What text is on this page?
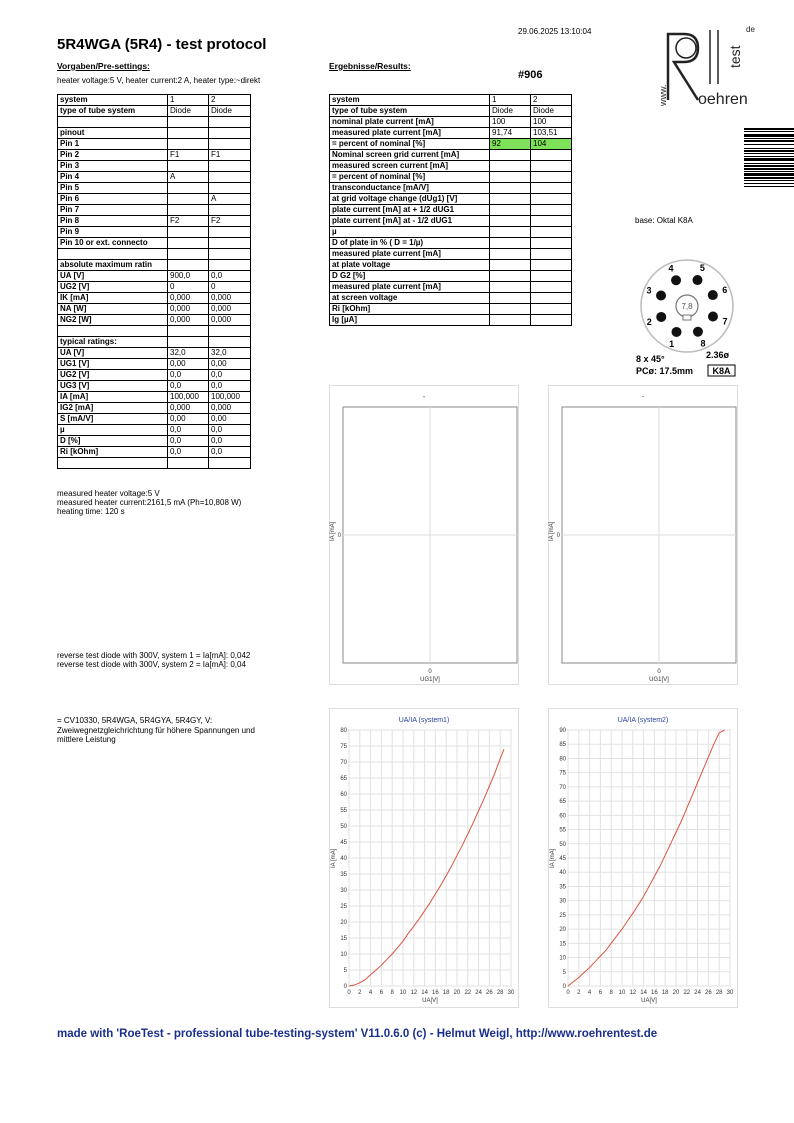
5R4WGA (5R4) - test protocol
29.06.2025 13:10:04
Vorgaben/Pre-settings:
heater voltage:5 V, heater current:2 A, heater type:~direkt
Ergebnisse/Results:
#906
system	1	2
type of tube system	Diode	Diode

pinout		
Pin 1		
Pin 2	F1	F1
Pin 3		
Pin 4	A	
Pin 5		
Pin 6		A
Pin 7		
Pin 8	F2	F2
Pin 9		
Pin 10 or ext. connecto		

absolute maximum ratin		
UA [V]	900,0	0,0
UG2 [V]	0	0
IK [mA]	0,000	0,000
NA [W]	0,000	0,000
NG2 [W]	0,000	0,000

typical ratings:		
UA [V]	32,0	32,0
UG1 [V]	0,00	0,00
UG2 [V]	0,0	0,0
UG3 [V]	0,0	0,0
IA [mA]	100,000	100,000
IG2 [mA]	0,000	0,000
S [mA/V]	0,00	0,00
µ	0,0	0,0
D [%]	0,0	0,0
Ri [kOhm]	0,0	0,0

system	1	2
type of tube system	Diode	Diode
nominal plate current [mA]	100	100
measured plate current [mA]	91,74	103,51
= percent of nominal [%]	92	104
Nominal screen grid current [mA]		
measured screen current [mA]		
= percent of nominal [%]		
transconductance [mA/V]		
at grid voltage change (dUg1) [V]		
plate current [mA] at + 1/2 dUG1		
plate current [mA] at - 1/2 dUG1		
µ		
D of plate in % ( D = 1/µ)		
measured plate current [mA]		
at plate voltage		
D G2 [%]		
measured plate current [mA]		
at screen voltage		
Ri [kOhm]		
Ig [µA]		
de
test
www. oehren
base: Oktal K8A
7,8
1
2
3
4	5
6
7
8
8 x 45°	2.36ø
PCø: 17.5mm K8A
-
IA [mA] 0
0
UG1[V]
-
IA [mA] 0
0
UG1[V]
measured heater voltage:5 V
measured heater current:2161,5 mA (Ph=10,808 W)
heating time: 120 s
reverse test diode with 300V, system 1 = Ia[mA]: 0,042
reverse test diode with 300V, system 2 = Ia[mA]: 0,04
= CV10330, 5R4WGA, 5R4GYA, 5R4GY, V:
Zweiwegnetzgleichrichtung für höhere Spannungen und
mittlere Leistung
0 2 4 6 8 10 12 14 16 18 20 22 24 26 28 30
0
5
10
15
20
25
30
35
40
45
50
55
60
65
70
75
80
UA/IA (system1)
IA [mA]
UA[V]
0 2 4 6 8 10 12 14 16 18 20 22 24 26 28 30
0
5
10
15
20
25
30
35
40
45
50
55
60
65
70
75
80
85
90
UA/IA (system2)
IA [mA]
UA[V]
made with 'RoeTest - professional tube-testing-system' V11.0.6.0 (c) - Helmut Weigl, http://www.roehrentest.de
